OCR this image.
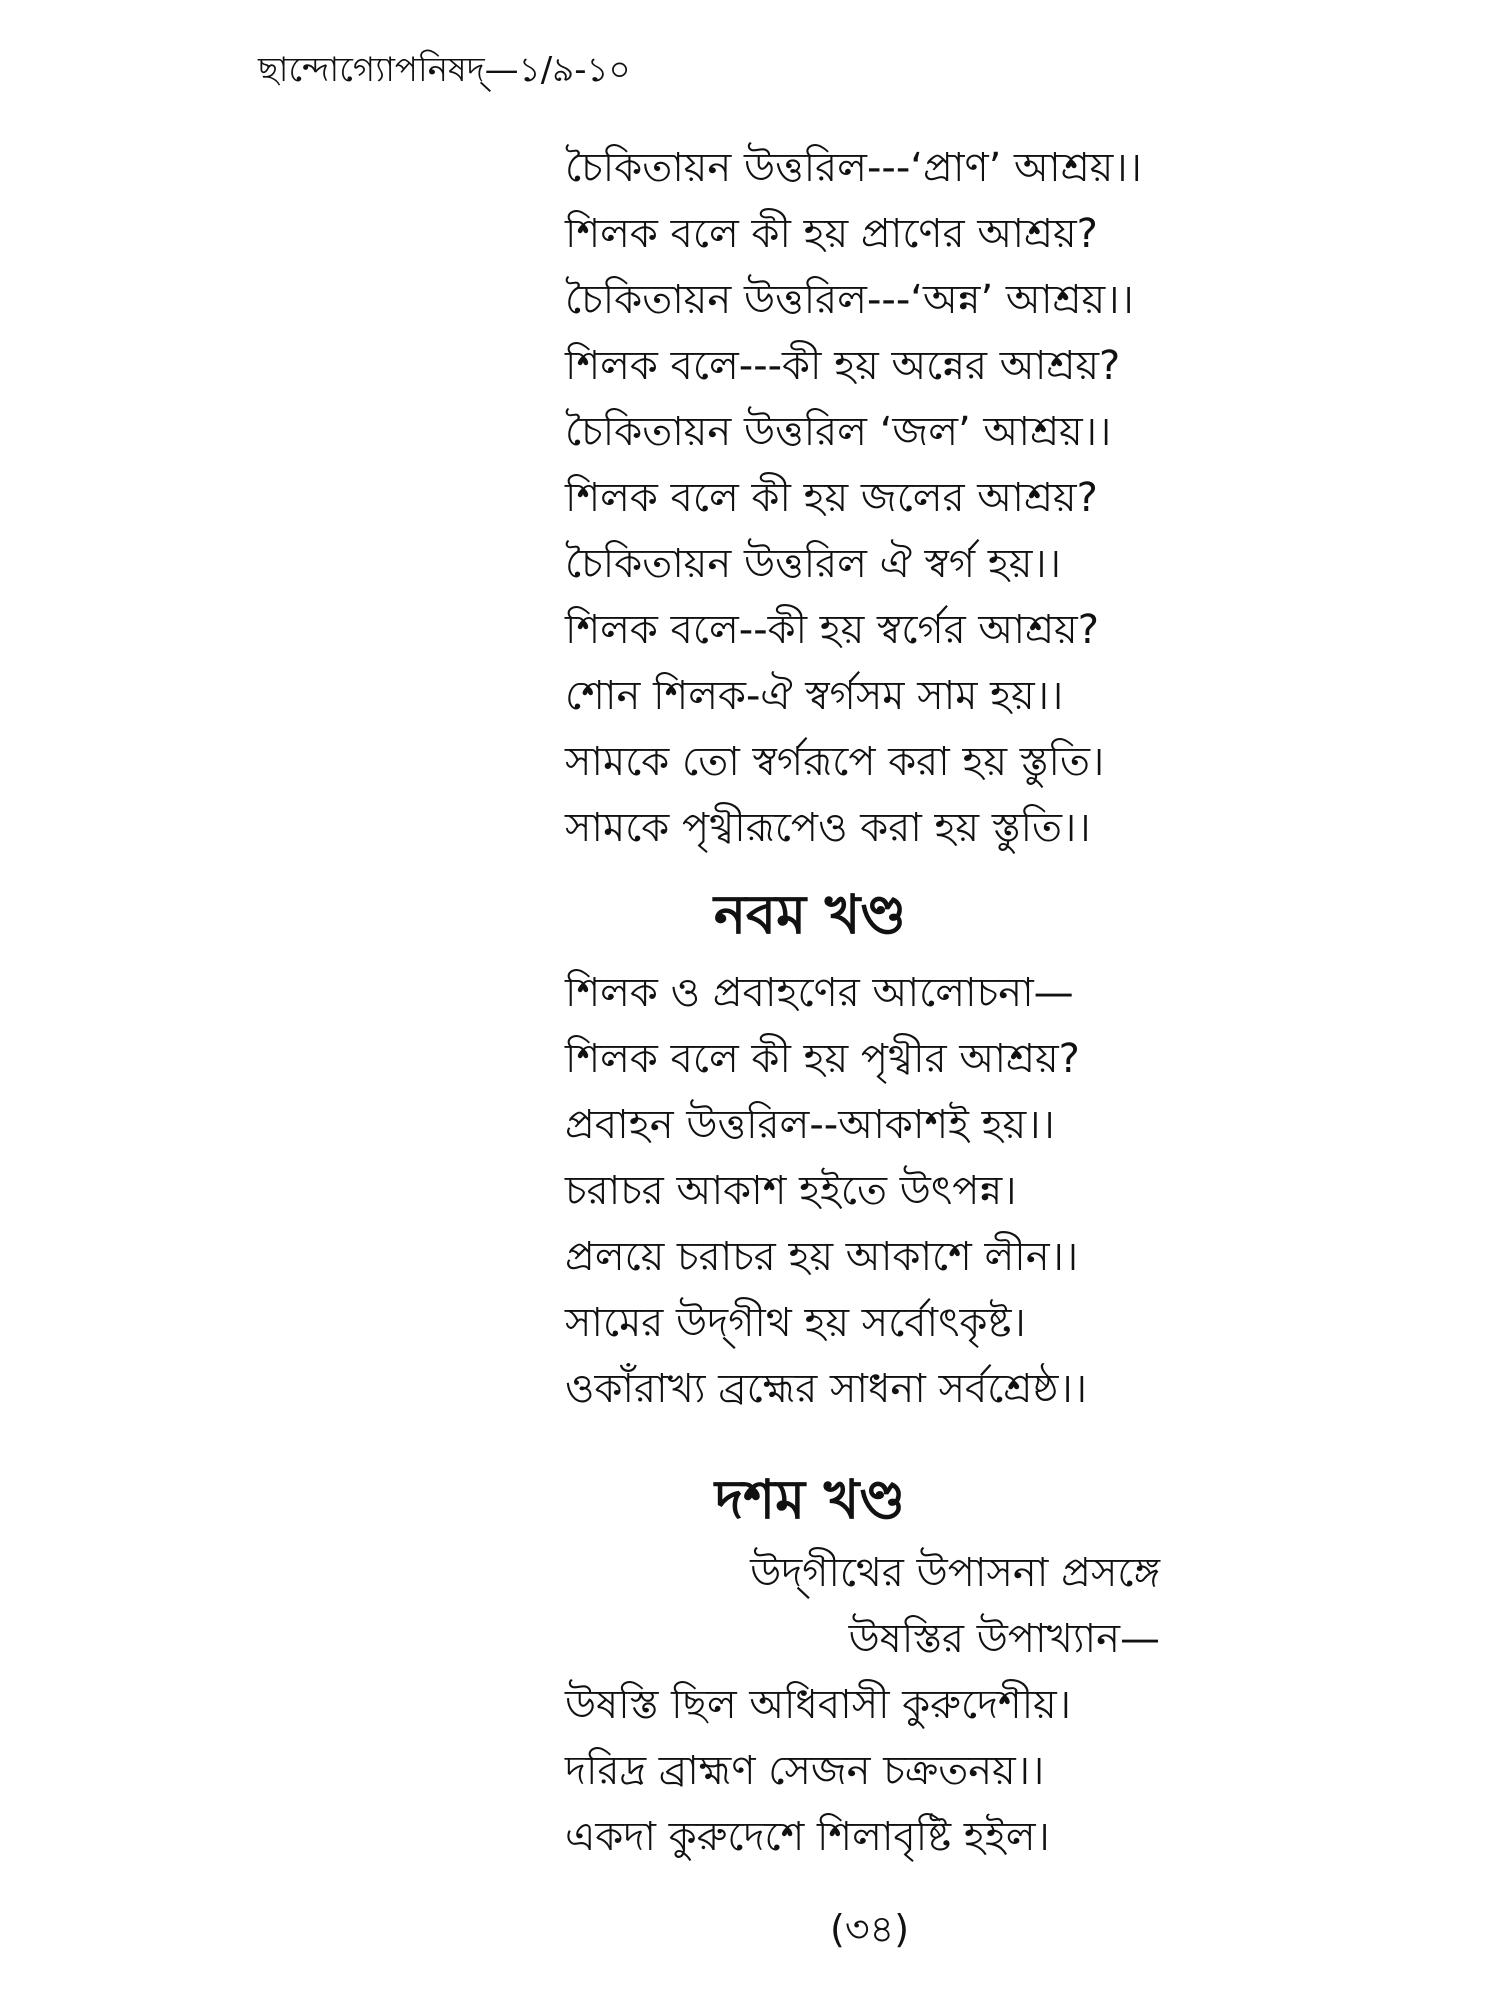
ছান্দোগ্যোপনিষদ্‌—১/৯-১০
চৈকিতায়ন উত্তরিল---‘প্রাণ’ আশ্রয়।।
শিলক বলে কী হয় প্রাণের আশ্রয়?
চৈকিতায়ন উত্তরিল---‘অন্ন’ আশ্রয়।।
শিলক বলে---কী হয় অন্নের আশ্রয়?
চৈকিতায়ন উত্তরিল ‘জল’ আশ্রয়।।
শিলক বলে কী হয় জলের আশ্রয়?
চৈকিতায়ন উত্তরিল ঐ স্বর্গ হয়।।
শিলক বলে--কী হয় স্বর্গের আশ্রয়?
শোন শিলক-ঐ স্বর্গসম সাম হয়।।
সামকে তো স্বর্গরূপে করা হয় স্তুতি।
সামকে পৃথ্বীরূপেও করা হয় স্তুতি।।
নবম খণ্ড
শিলক ও প্রবাহণের আলোচনা—
শিলক বলে কী হয় পৃথ্বীর আশ্রয়?
প্রবাহন উত্তরিল--আকাশই হয়।।
চরাচর আকাশ হইতে উৎপন্ন।
প্রলয়ে চরাচর হয় আকাশে লীন।।
সামের উদ্‌গীথ হয় সর্বোৎকৃষ্ট।
ওকাঁরাখ্য ব্রহ্মের সাধনা সর্বশ্রেষ্ঠ।।
দশম খণ্ড
উদ্‌গীথের উপাসনা প্রসঙ্গে
উষস্তির উপাখ্যান—
উষস্তি ছিল অধিবাসী কুরুদেশীয়।
দরিদ্র ব্রাহ্মণ সেজন চক্রতনয়।।
একদা কুরুদেশে শিলাবৃষ্টি হইল।
(৩৪)
